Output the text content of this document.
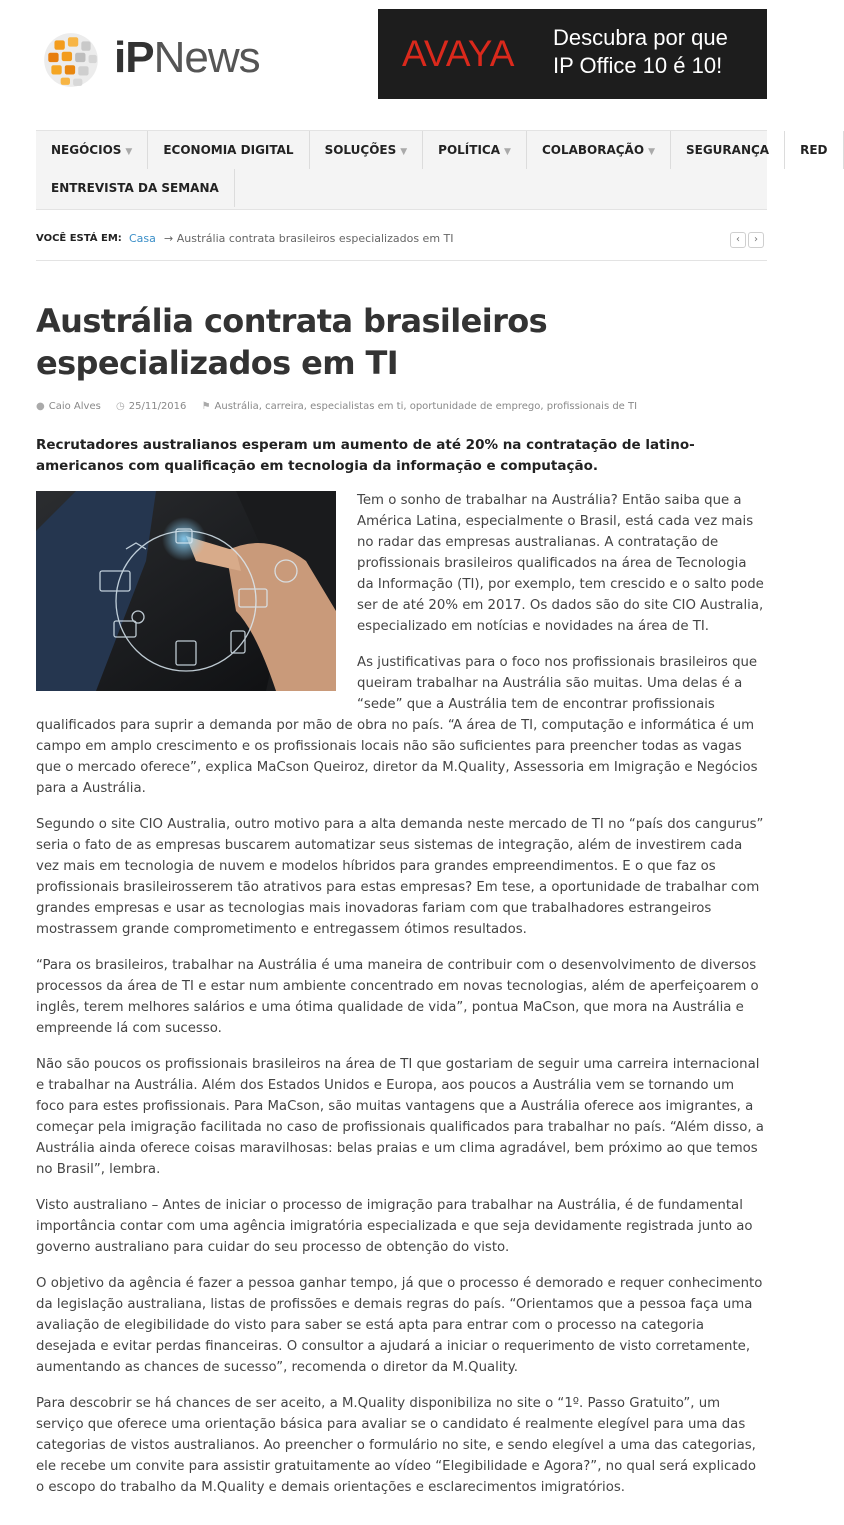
iPNews	AVAYA Descubra por que
IP Office 10 é 10!
NEGÓCIOS ▼	ECONOMIA DIGITAL	SOLUÇÕES ▼	POLÍTICA ▼	COLABORAÇÃO ▼	SEGURANÇA	RED
ENTREVISTA DA SEMANA
VOCÊ ESTÁ EM: Casa → Austrália contrata brasileiros especializados em TI	‹	›
Austrália contrata brasileiros especializados em TI
● Caio Alves ◷ 25/11/2016 ⚑ Austrália, carreira, especialistas em ti, oportunidade de emprego, profissionais de TI

Recrutadores australianos esperam um aumento de até 20% na contratação de latino-americanos com qualificação em tecnologia da informação e computação.

Tem o sonho de trabalhar na Austrália? Então saiba que a América Latina, especialmente o Brasil, está cada vez mais no radar das empresas australianas. A contratação de profissionais brasileiros qualificados na área de Tecnologia da Informação (TI), por exemplo, tem crescido e o salto pode ser de até 20% em 2017. Os dados são do site CIO Australia, especializado em notícias e novidades na área de TI.

As justificativas para o foco nos profissionais brasileiros que queiram trabalhar na Austrália são muitas. Uma delas é a “sede” que a Austrália tem de encontrar profissionais qualificados para suprir a demanda por mão de obra no país. “A área de TI, computação e informática é um campo em amplo crescimento e os profissionais locais não são suficientes para preencher todas as vagas que o mercado oferece”, explica MaCson Queiroz, diretor da M.Quality, Assessoria em Imigração e Negócios para a Austrália.

Segundo o site CIO Australia, outro motivo para a alta demanda neste mercado de TI no “país dos cangurus” seria o fato de as empresas buscarem automatizar seus sistemas de integração, além de investirem cada vez mais em tecnologia de nuvem e modelos híbridos para grandes empreendimentos. E o que faz os profissionais brasileirosserem tão atrativos para estas empresas? Em tese, a oportunidade de trabalhar com grandes empresas e usar as tecnologias mais inovadoras fariam com que trabalhadores estrangeiros mostrassem grande comprometimento e entregassem ótimos resultados.

“Para os brasileiros, trabalhar na Austrália é uma maneira de contribuir com o desenvolvimento de diversos processos da área de TI e estar num ambiente concentrado em novas tecnologias, além de aperfeiçoarem o inglês, terem melhores salários e uma ótima qualidade de vida”, pontua MaCson, que mora na Austrália e empreende lá com sucesso.

Não são poucos os profissionais brasileiros na área de TI que gostariam de seguir uma carreira internacional e trabalhar na Austrália. Além dos Estados Unidos e Europa, aos poucos a Austrália vem se tornando um foco para estes profissionais. Para MaCson, são muitas vantagens que a Austrália oferece aos imigrantes, a começar pela imigração facilitada no caso de profissionais qualificados para trabalhar no país. “Além disso, a Austrália ainda oferece coisas maravilhosas: belas praias e um clima agradável, bem próximo ao que temos no Brasil”, lembra.

Visto australiano – Antes de iniciar o processo de imigração para trabalhar na Austrália, é de fundamental importância contar com uma agência imigratória especializada e que seja devidamente registrada junto ao governo australiano para cuidar do seu processo de obtenção do visto.

O objetivo da agência é fazer a pessoa ganhar tempo, já que o processo é demorado e requer conhecimento da legislação australiana, listas de profissões e demais regras do país. “Orientamos que a pessoa faça uma avaliação de elegibilidade do visto para saber se está apta para entrar com o processo na categoria desejada e evitar perdas financeiras. O consultor a ajudará a iniciar o requerimento de visto corretamente, aumentando as chances de sucesso”, recomenda o diretor da M.Quality.

Para descobrir se há chances de ser aceito, a M.Quality disponibiliza no site o “1º. Passo Gratuito”, um serviço que oferece uma orientação básica para avaliar se o candidato é realmente elegível para uma das categorias de vistos australianos. Ao preencher o formulário no site, e sendo elegível a uma das categorias, ele recebe um convite para assistir gratuitamente ao vídeo “Elegibilidade e Agora?”, no qual será explicado o escopo do trabalho da M.Quality e demais orientações e esclarecimentos imigratórios.
